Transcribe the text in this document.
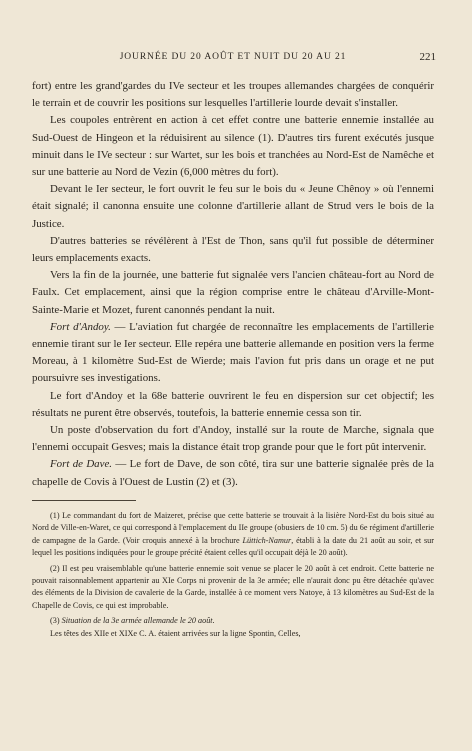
JOURNÉE DU 20 AOÛT ET NUIT DU 20 AU 21	221

fort) entre les grand'gardes du IVe secteur et les troupes allemandes chargées de conquérir le terrain et de couvrir les positions sur lesquelles l'artillerie lourde devait s'installer.

Les coupoles entrèrent en action à cet effet contre une batterie ennemie installée au Sud-Ouest de Hingeon et la réduisirent au silence (1). D'autres tirs furent exécutés jusque minuit dans le IVe secteur : sur Wartet, sur les bois et tranchées au Nord-Est de Namêche et sur une batterie au Nord de Vezin (6,000 mètres du fort).

Devant le Ier secteur, le fort ouvrit le feu sur le bois du « Jeune Chênoy » où l'ennemi était signalé; il canonna ensuite une colonne d'artillerie allant de Strud vers le bois de la Justice.

D'autres batteries se révélèrent à l'Est de Thon, sans qu'il fut possible de déterminer leurs emplacements exacts.

Vers la fin de la journée, une batterie fut signalée vers l'ancien château-fort au Nord de Faulx. Cet emplacement, ainsi que la région comprise entre le château d'Arville-Mont-Sainte-Marie et Mozet, furent canonnés pendant la nuit.

Fort d'Andoy. — L'aviation fut chargée de reconnaître les emplacements de l'artillerie ennemie tirant sur le Ier secteur. Elle repéra une batterie allemande en position vers la ferme Moreau, à 1 kilomètre Sud-Est de Wierde; mais l'avion fut pris dans un orage et ne put poursuivre ses investigations.

Le fort d'Andoy et la 68e batterie ouvrirent le feu en dispersion sur cet objectif; les résultats ne purent être observés, toutefois, la batterie ennemie cessa son tir.

Un poste d'observation du fort d'Andoy, installé sur la route de Marche, signala que l'ennemi occupait Gesves; mais la distance était trop grande pour que le fort pût intervenir.

Fort de Dave. — Le fort de Dave, de son côté, tira sur une batterie signalée près de la chapelle de Covis à l'Ouest de Lustin (2) et (3).

(1) Le commandant du fort de Maizeret, précise que cette batterie se trouvait à la lisière Nord-Est du bois situé au Nord de Ville-en-Waret, ce qui correspond à l'emplacement du IIe groupe (obusiers de 10 cm. 5) du 6e régiment d'artillerie de campagne de la Garde. (Voir croquis annexé à la brochure Lüttich-Namur, établi à la date du 21 août au soir, et sur lequel les positions indiquées pour le groupe précité étaient celles qu'il occupait déjà le 20 août).

(2) Il est peu vraisemblable qu'une batterie ennemie soit venue se placer le 20 août à cet endroit. Cette batterie ne pouvait raisonnablement appartenir au XIe Corps ni provenir de la 3e armée; elle n'aurait donc pu être détachée qu'avec des éléments de la Division de cavalerie de la Garde, installée à ce moment vers Natoye, à 13 kilomètres au Sud-Est de la Chapelle de Covis, ce qui est improbable.

(3) Situation de la 3e armée allemande le 20 août.

Les têtes des XIIe et XIXe C. A. étaient arrivées sur la ligne Spontin, Celles,
